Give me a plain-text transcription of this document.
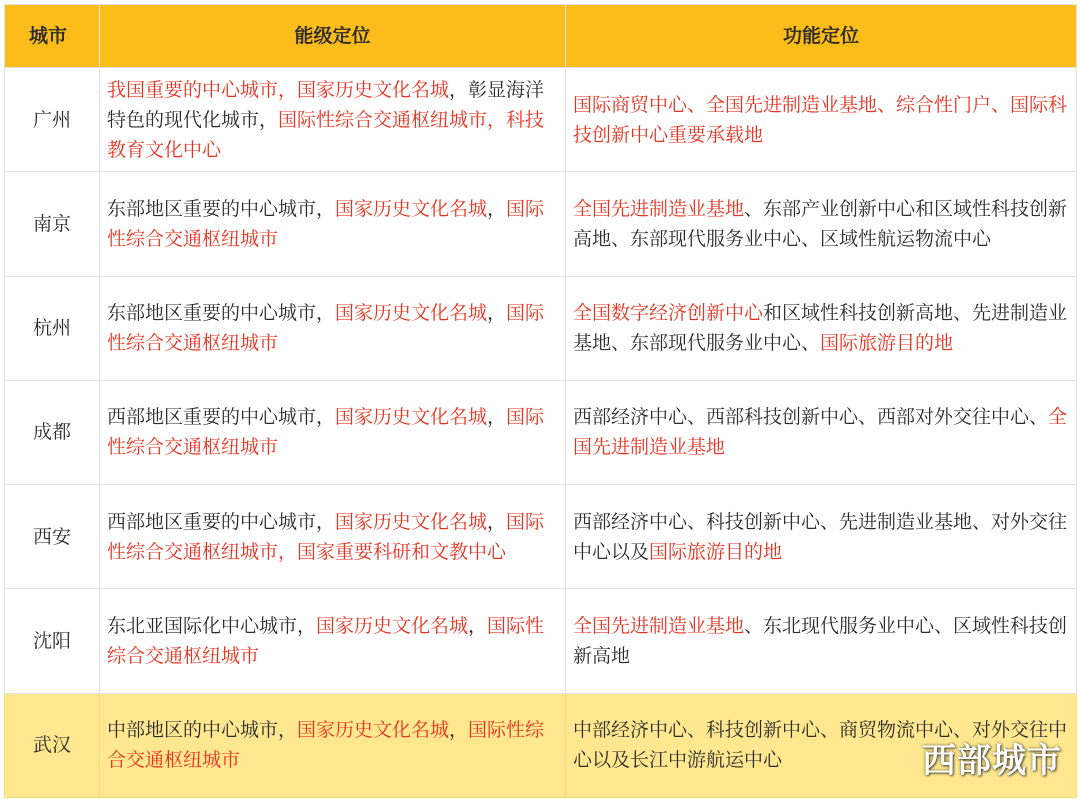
城市	能级定位	功能定位
广州	我国重要的中心城市，国家历史文化名城，彰显海洋特色的现代化城市，国际性综合交通枢纽城市，科技教育文化中心	国际商贸中心、全国先进制造业基地、综合性门户、国际科技创新中心重要承载地
南京	东部地区重要的中心城市，国家历史文化名城，国际性综合交通枢纽城市	全国先进制造业基地、东部产业创新中心和区域性科技创新高地、东部现代服务业中心、区域性航运物流中心
杭州	东部地区重要的中心城市，国家历史文化名城，国际性综合交通枢纽城市	全国数字经济创新中心和区域性科技创新高地、先进制造业基地、东部现代服务业中心、国际旅游目的地
成都	西部地区重要的中心城市，国家历史文化名城，国际性综合交通枢纽城市	西部经济中心、西部科技创新中心、西部对外交往中心、全国先进制造业基地
西安	西部地区重要的中心城市，国家历史文化名城，国际性综合交通枢纽城市，国家重要科研和文教中心	西部经济中心、科技创新中心、先进制造业基地、对外交往中心以及国际旅游目的地
沈阳	东北亚国际化中心城市，国家历史文化名城，国际性综合交通枢纽城市	全国先进制造业基地、东北现代服务业中心、区域性科技创新高地
武汉	中部地区的中心城市，国家历史文化名城，国际性综合交通枢纽城市	中部经济中心、科技创新中心、商贸物流中心、对外交往中心以及长江中游航运中心	西部城市
